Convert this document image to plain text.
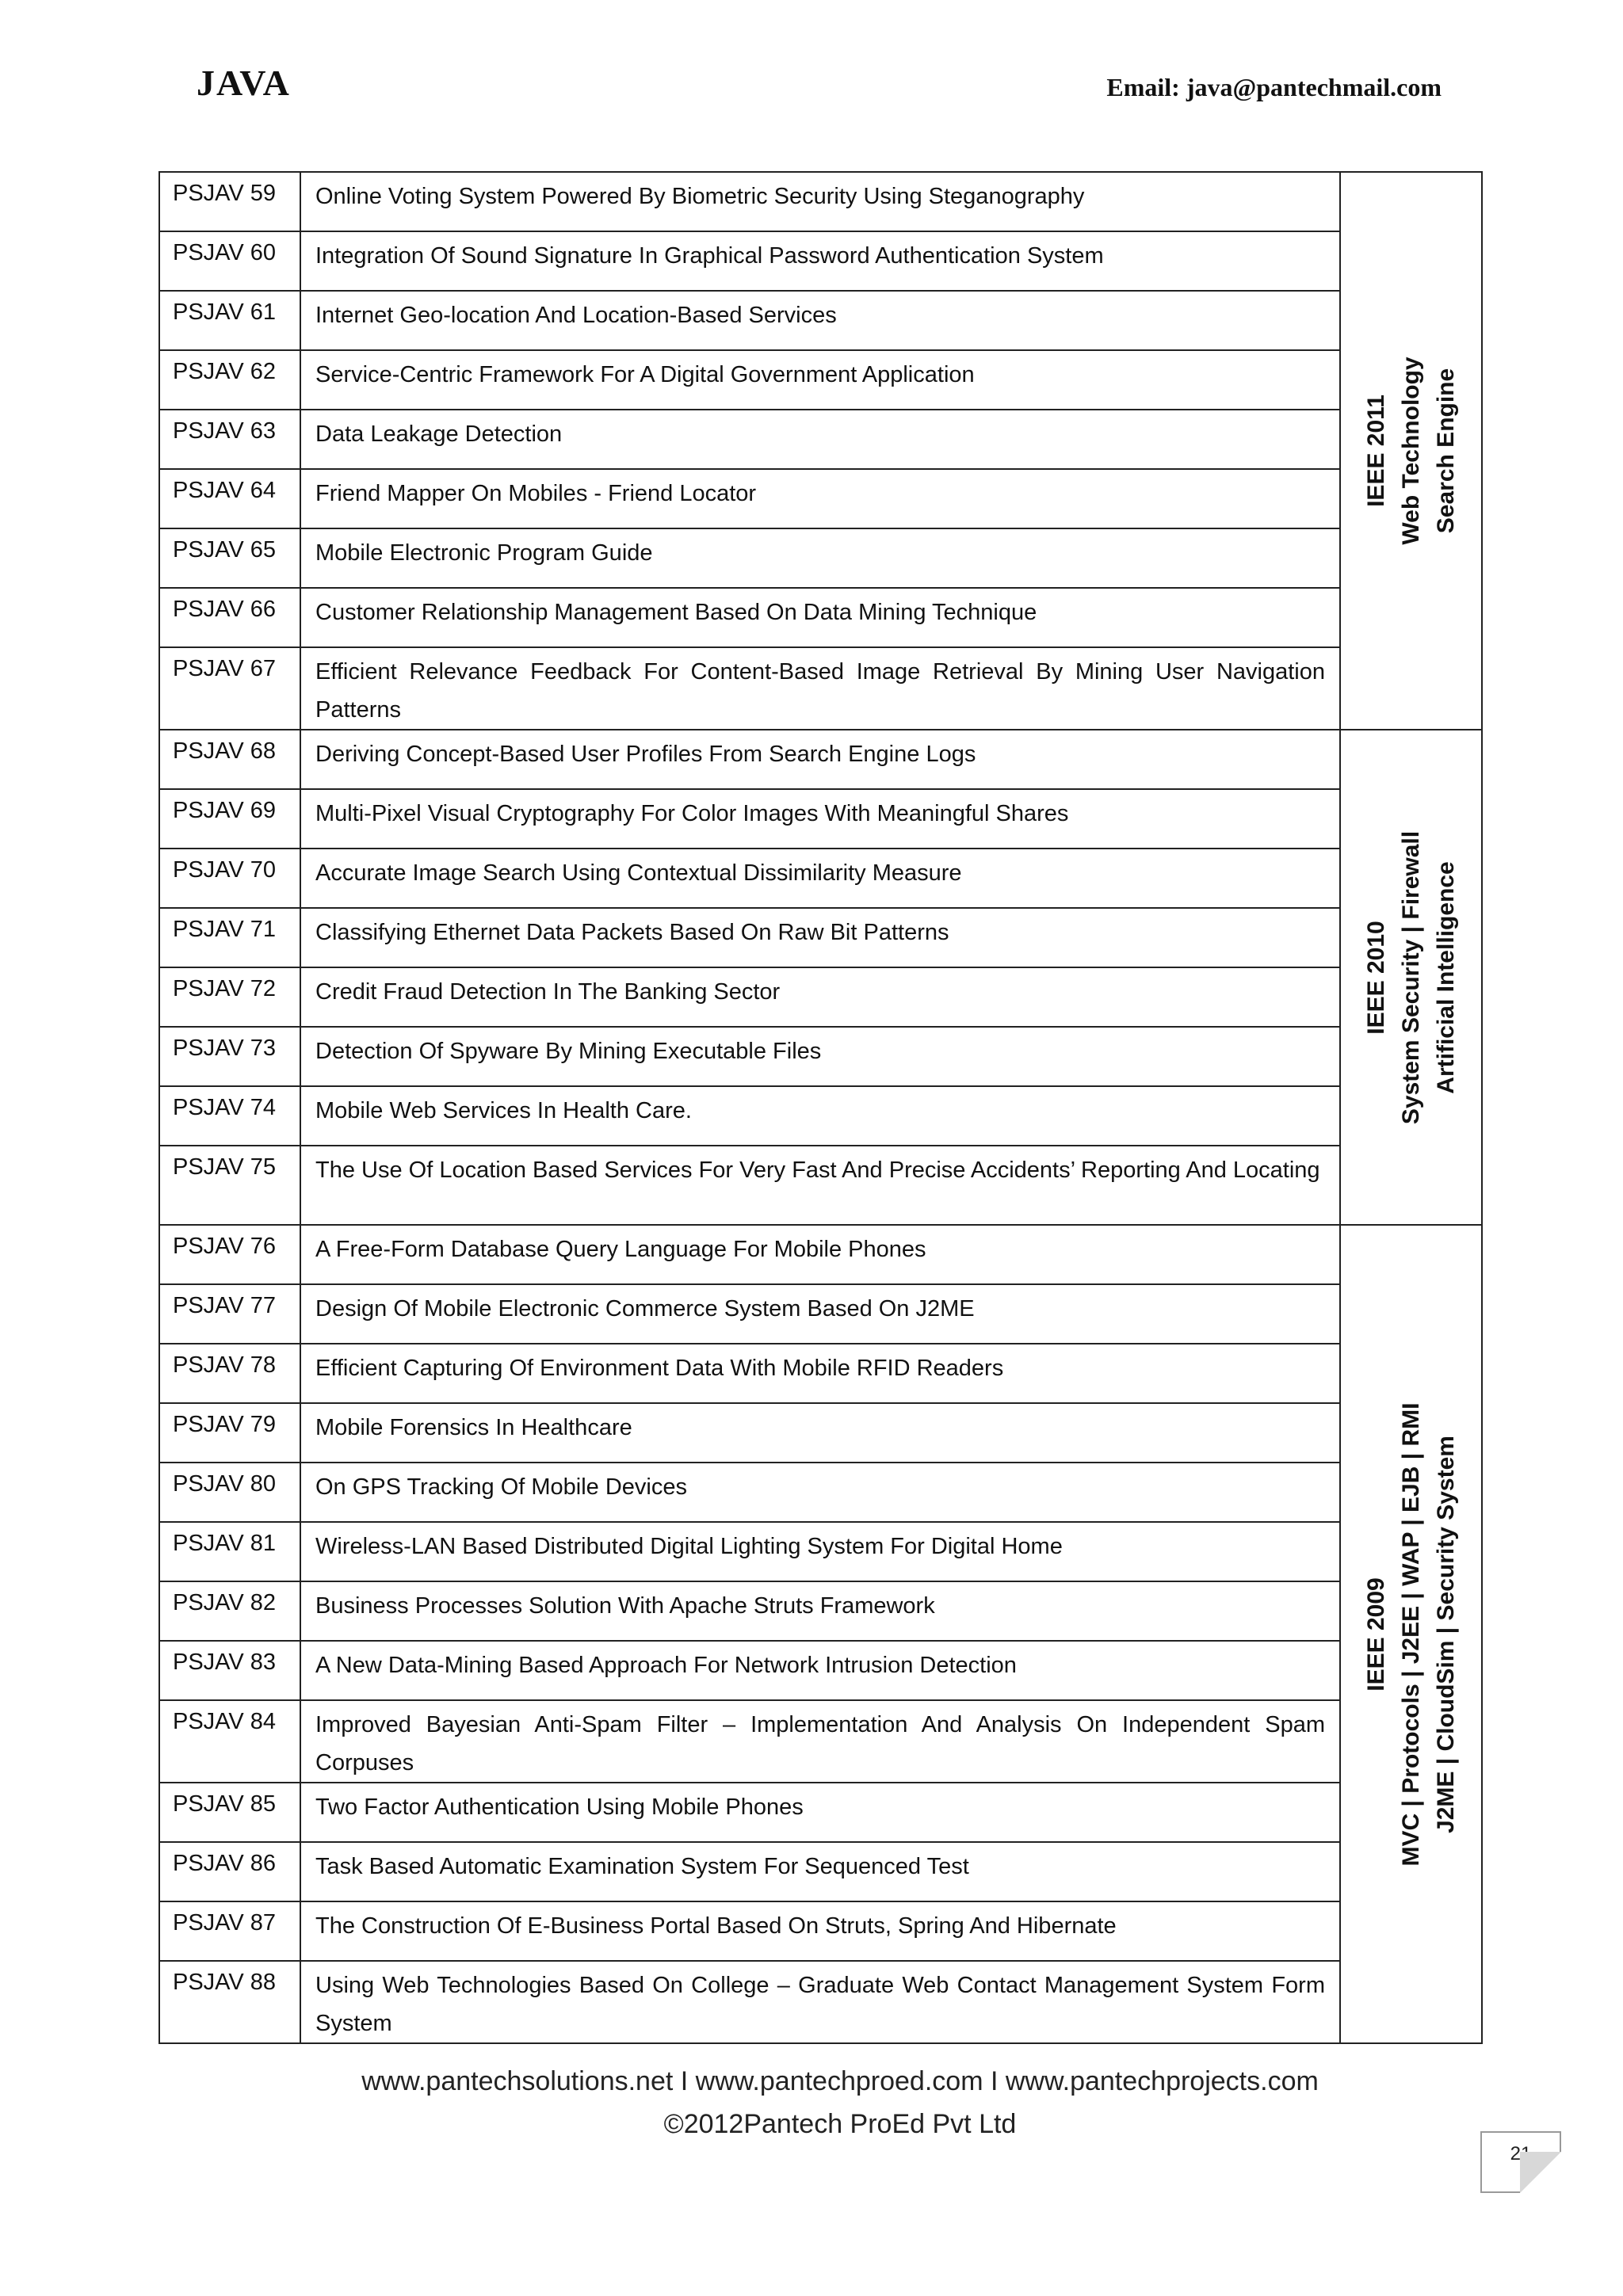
JAVA	Email: java@pantechmail.com
PSJAV 59	Online Voting System Powered By Biometric Security Using Steganography	IEEE 2011 Web Technology Search Engine

PSJAV 60	Integration Of Sound Signature In Graphical Password Authentication System	
PSJAV 61	Internet Geo-location And Location-Based Services	
PSJAV 62	Service-Centric Framework For A Digital Government Application	
PSJAV 63	Data Leakage Detection	
PSJAV 64	Friend Mapper On Mobiles - Friend Locator	
PSJAV 65	Mobile Electronic Program Guide	
PSJAV 66	Customer Relationship Management Based On Data Mining Technique	
PSJAV 67	Efficient Relevance Feedback For Content-Based Image Retrieval By Mining User Navigation Patterns	
PSJAV 68	Deriving Concept-Based User Profiles From Search Engine Logs	IEEE 2010 System Security | Firewall Artificial Intelligence

PSJAV 69	Multi-Pixel Visual Cryptography For Color Images With Meaningful Shares	
PSJAV 70	Accurate Image Search Using Contextual Dissimilarity Measure	
PSJAV 71	Classifying Ethernet Data Packets Based On Raw Bit Patterns	
PSJAV 72	Credit Fraud Detection In The Banking Sector	
PSJAV 73	Detection Of Spyware By Mining Executable Files	
PSJAV 74	Mobile Web Services In Health Care.	
PSJAV 75	The Use Of Location Based Services For Very Fast And Precise Accidents’ Reporting And Locating	
PSJAV 76	A Free-Form Database Query Language For Mobile Phones	IEEE 2009 MVC | Protocols | J2EE | WAP | EJB | RMI J2ME | CloudSim | Security System

PSJAV 77	Design Of Mobile Electronic Commerce System Based On J2ME	
PSJAV 78	Efficient Capturing Of Environment Data With Mobile RFID Readers	
PSJAV 79	Mobile Forensics In Healthcare	
PSJAV 80	On GPS Tracking Of Mobile Devices	
PSJAV 81	Wireless-LAN Based Distributed Digital Lighting System For Digital Home	
PSJAV 82	Business Processes Solution With Apache Struts Framework	
PSJAV 83	A New Data-Mining Based Approach For Network Intrusion Detection	
PSJAV 84	Improved Bayesian Anti-Spam Filter – Implementation And Analysis On Independent Spam Corpuses	
PSJAV 85	Two Factor Authentication Using Mobile Phones	
PSJAV 86	Task Based Automatic Examination System For Sequenced Test	
PSJAV 87	The Construction Of E-Business Portal Based On Struts, Spring And Hibernate	
PSJAV 88	Using Web Technologies Based On College – Graduate Web Contact Management System Form System	
www.pantechsolutions.net I www.pantechproed.com I www.pantechprojects.com
©2012Pantech ProEd Pvt Ltd
21
